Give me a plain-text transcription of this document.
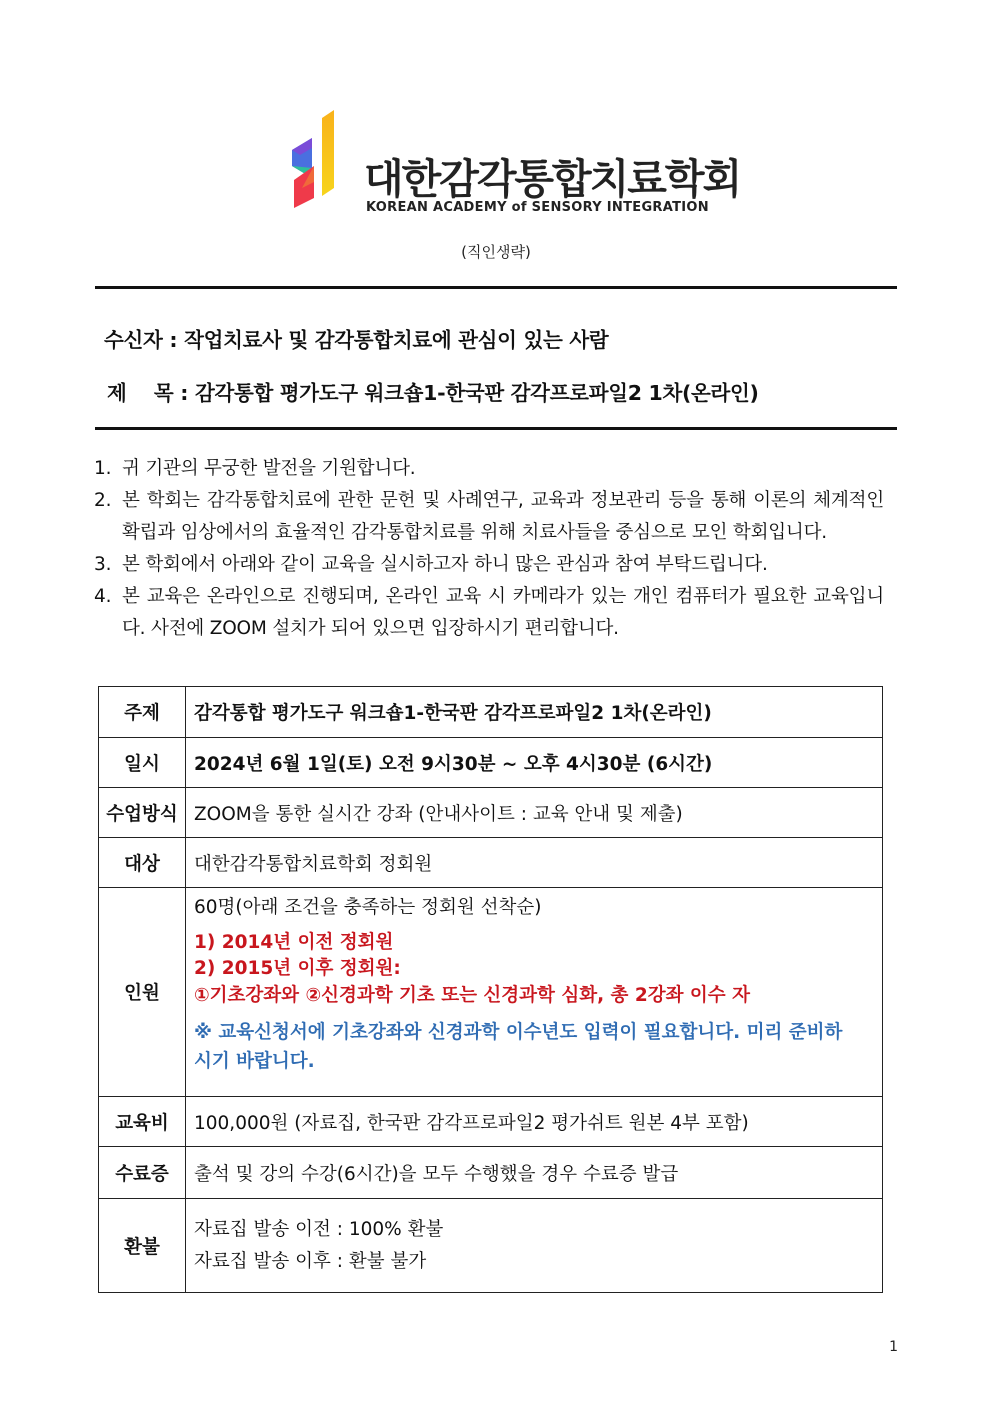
대한감각통합치료학회
KOREAN ACADEMY of SENSORY INTEGRATION
(직인생략)
수신자 : 작업치료사 및 감각통합치료에 관심이 있는 사람
제    목 : 감각통합 평가도구 워크숍1-한국판 감각프로파일2 1차(온라인)
1. 귀 기관의 무궁한 발전을 기원합니다.
2. 본 학회는 감각통합치료에 관한 문헌 및 사례연구, 교육과 정보관리 등을 통해 이론의 체계적인 확립과 임상에서의 효율적인 감각통합치료를 위해 치료사들을 중심으로 모인 학회입니다.
3. 본 학회에서 아래와 같이 교육을 실시하고자 하니 많은 관심과 참여 부탁드립니다.
4. 본 교육은 온라인으로 진행되며, 온라인 교육 시 카메라가 있는 개인 컴퓨터가 필요한 교육입니다. 사전에 ZOOM 설치가 되어 있으면 입장하시기 편리합니다.
주제	감각통합 평가도구 워크숍1-한국판 감각프로파일2 1차(온라인)
일시	2024년 6월 1일(토) 오전 9시30분 ~ 오후 4시30분 (6시간)
수업방식	ZOOM을 통한 실시간 강좌 (안내사이트 : 교육 안내 및 제출)
대상	대한감각통합치료학회 정회원
인원	60명(아래 조건을 충족하는 정회원 선착순)
1) 2014년 이전 정회원
2) 2015년 이후 정회원:
①기초강좌와 ②신경과학 기초 또는 신경과학 심화, 총 2강좌 이수 자
※ 교육신청서에 기초강좌와 신경과학 이수년도 입력이 필요합니다. 미리 준비하시기 바랍니다.

교육비	100,000원 (자료집, 한국판 감각프로파일2 평가쉬트 원본 4부 포함)
수료증	출석 및 강의 수강(6시간)을 모두 수행했을 경우 수료증 발급
환불	자료집 발송 이전 : 100% 환불
자료집 발송 이후 : 환불 불가
1
